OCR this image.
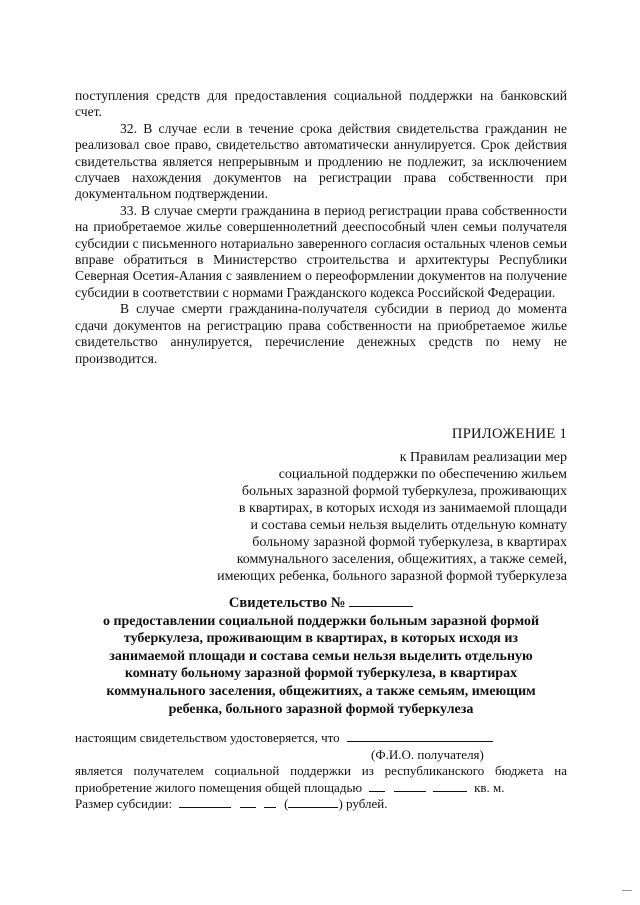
поступления средств для предоставления социальной поддержки на банковский счет.

32. В случае если в течение срока действия свидетельства гражданин не реализовал свое право, свидетельство автоматически аннулируется. Срок действия свидетельства является непрерывным и продлению не подлежит, за исключением случаев нахождения документов на регистрации права собственности при документальном подтверждении.

33. В случае смерти гражданина в период регистрации права собственности на приобретаемое жилье совершеннолетний дееспособный член семьи получателя субсидии с письменного нотариально заверенного согласия остальных членов семьи вправе обратиться в Министерство строительства и архитектуры Республики Северная Осетия-Алания с заявлением о переоформлении документов на получение субсидии в соответствии с нормами Гражданского кодекса Российской Федерации.

В случае смерти гражданина-получателя субсидии в период до момента сдачи документов на регистрацию права собственности на приобретаемое жилье свидетельство аннулируется, перечисление денежных средств по нему не производится.

ПРИЛОЖЕНИЕ 1
к Правилам реализации мер
социальной поддержки по обеспечению жильем
больных заразной формой туберкулеза, проживающих
в квартирах, в которых исходя из занимаемой площади
и состава семьи нельзя выделить отдельную комнату
больному заразной формой туберкулеза, в квартирах
коммунального заселения, общежитиях, а также семей,
имеющих ребенка, больного заразной формой туберкулеза
Свидетельство №
о предоставлении социальной поддержки больным заразной формой
туберкулеза, проживающим в квартирах, в которых исходя из
занимаемой площади и состава семьи нельзя выделить отдельную
комнату больному заразной формой туберкулеза, в квартирах
коммунального заселения, общежитиях, а также семьям, имеющим
ребенка, больного заразной формой туберкулеза
настоящим свидетельством удостоверяется, что
(Ф.И.О. получателя)
является получателем социальной поддержки из республиканского бюджета на
приобретение жилого помещения общей площадью	кв. м.
Размер субсидии:	(	) рублей.
